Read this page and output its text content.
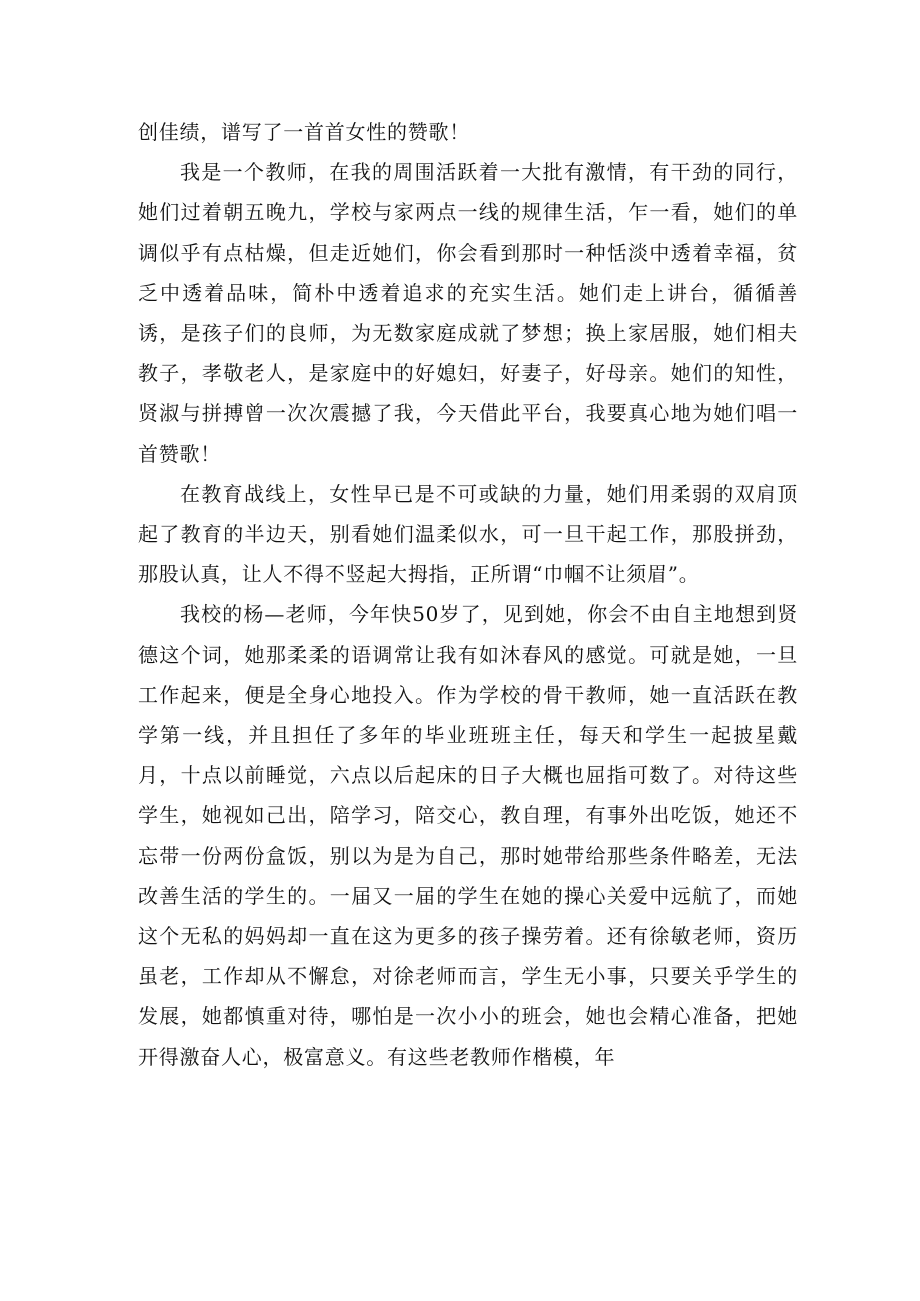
创佳绩，谱写了一首首女性的赞歌！

我是一个教师，在我的周围活跃着一大批有激情，有干劲的同行，她们过着朝五晚九，学校与家两点一线的规律生活，乍一看，她们的单调似乎有点枯燥，但走近她们，你会看到那时一种恬淡中透着幸福，贫乏中透着品味，简朴中透着追求的充实生活。她们走上讲台，循循善诱，是孩子们的良师，为无数家庭成就了梦想；换上家居服，她们相夫教子，孝敬老人，是家庭中的好媳妇，好妻子，好母亲。她们的知性，贤淑与拼搏曾一次次震撼了我，今天借此平台，我要真心地为她们唱一首赞歌！

在教育战线上，女性早已是不可或缺的力量，她们用柔弱的双肩顶起了教育的半边天，别看她们温柔似水，可一旦干起工作，那股拼劲，那股认真，让人不得不竖起大拇指，正所谓“巾帼不让须眉”。

我校的杨—老师，今年快50岁了，见到她，你会不由自主地想到贤德这个词，她那柔柔的语调常让我有如沐春风的感觉。可就是她，一旦工作起来，便是全身心地投入。作为学校的骨干教师，她一直活跃在教学第一线，并且担任了多年的毕业班班主任，每天和学生一起披星戴月，十点以前睡觉，六点以后起床的日子大概也屈指可数了。对待这些学生，她视如己出，陪学习，陪交心，教自理，有事外出吃饭，她还不忘带一份两份盒饭，别以为是为自己，那时她带给那些条件略差，无法改善生活的学生的。一届又一届的学生在她的操心关爱中远航了，而她这个无私的妈妈却一直在这为更多的孩子操劳着。还有徐敏老师，资历虽老，工作却从不懈怠，对徐老师而言，学生无小事，只要关乎学生的发展，她都慎重对待，哪怕是一次小小的班会，她也会精心准备，把她开得激奋人心，极富意义。有这些老教师作楷模，年
